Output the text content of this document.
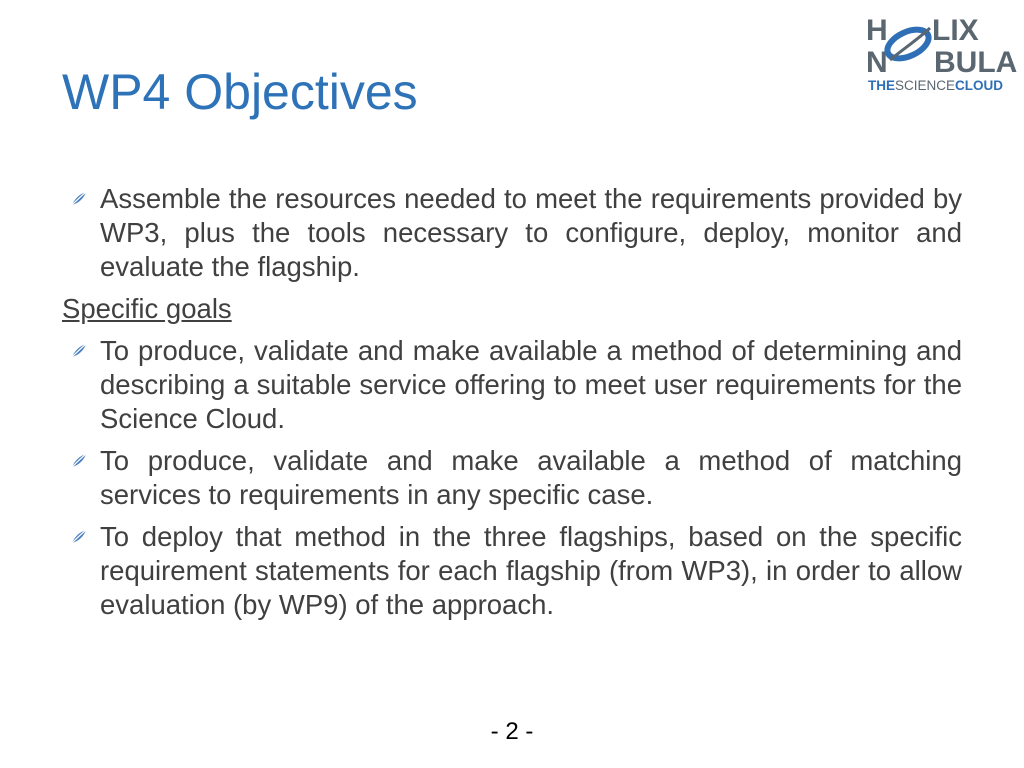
WP4 Objectives
H LIX
N BULA
THESCIENCECLOUD
Assemble the resources needed to meet the requirements provided by WP3, plus the tools necessary to configure, deploy, monitor and evaluate the flagship.
Specific goals
To produce, validate and make available a method of determining and describing a suitable service offering to meet user requirements for the Science Cloud.
To produce, validate and make available a method of matching services to requirements in any specific case.
To deploy that method in the three flagships, based on the specific requirement statements for each flagship (from WP3), in order to allow evaluation (by WP9) of the approach.
- 2 -
